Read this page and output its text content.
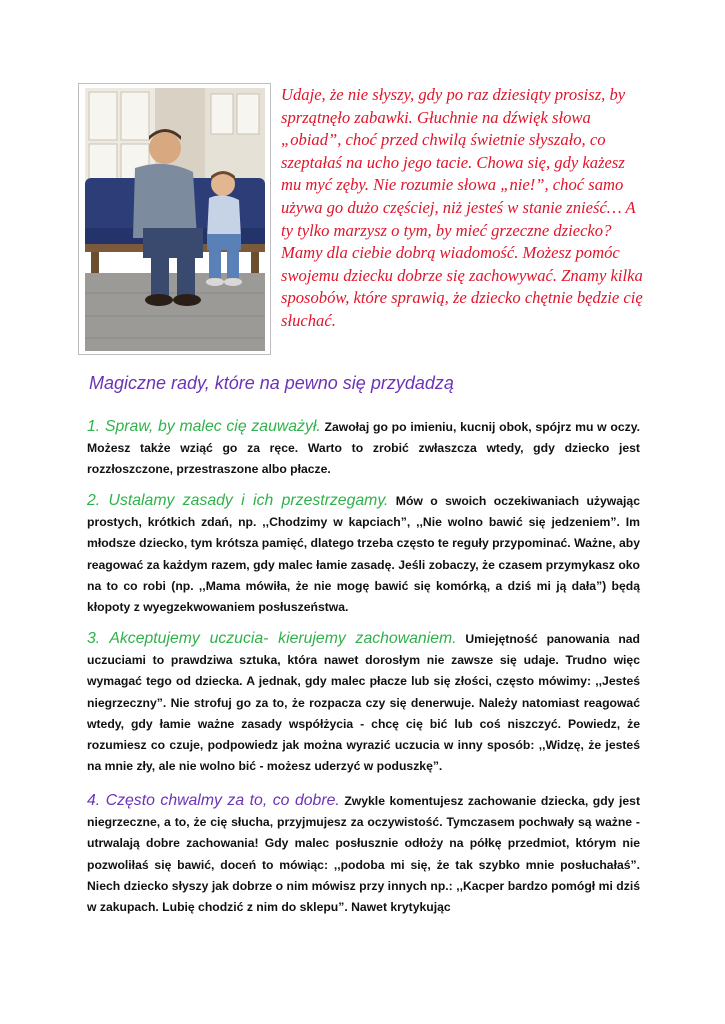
Udaje, że nie słyszy, gdy po raz dziesiąty prosisz, by sprzątnęło zabawki. Głuchnie na dźwięk słowa „obiad”, choć przed chwilą świetnie słyszało, co szeptałaś na ucho jego tacie. Chowa się, gdy każesz mu myć zęby. Nie rozumie słowa „nie!”, choć samo używa go dużo częściej, niż jesteś w stanie znieść… A ty tylko marzysz o tym, by mieć grzeczne dziecko? Mamy dla ciebie dobrą wiadomość. Możesz pomóc swojemu dziecku dobrze się zachowywać. Znamy kilka sposobów, które sprawią, że dziecko chętnie będzie cię słuchać.
Magiczne rady, które na pewno się przydadzą
1. Spraw, by malec cię zauważył. Zawołaj go po imieniu, kucnij obok, spójrz mu w oczy. Możesz także wziąć go za ręce. Warto to zrobić zwłaszcza wtedy, gdy dziecko jest rozzłoszczone, przestraszone albo płacze.
2. Ustalamy zasady i ich przestrzegamy. Mów o swoich oczekiwaniach używając prostych, krótkich zdań, np. ,,Chodzimy w kapciach”, ,,Nie wolno bawić się jedzeniem”. Im młodsze dziecko, tym krótsza pamięć, dlatego trzeba często te reguły przypominać. Ważne, aby reagować za każdym razem, gdy malec łamie zasadę. Jeśli zobaczy, że czasem przymykasz oko na to co robi (np. ,,Mama mówiła, że nie mogę bawić się komórką, a dziś mi ją dała”) będą kłopoty z wyegzekwowaniem posłuszeństwa.
3. Akceptujemy uczucia- kierujemy zachowaniem. Umiejętność panowania nad uczuciami to prawdziwa sztuka, która nawet dorosłym nie zawsze się udaje. Trudno więc wymagać tego od dziecka. A jednak, gdy malec płacze lub się złości, często mówimy: ,,Jesteś niegrzeczny”. Nie strofuj go za to, że rozpacza czy się denerwuje. Należy natomiast reagować wtedy, gdy łamie ważne zasady współżycia - chcę cię bić lub coś niszczyć. Powiedz, że rozumiesz co czuje, podpowiedz jak można wyrazić uczucia w inny sposób: ,,Widzę, że jesteś na mnie zły, ale nie wolno bić - możesz uderzyć w poduszkę”.
4. Często chwalmy za to, co dobre. Zwykle komentujesz zachowanie dziecka, gdy jest niegrzeczne, a to, że cię słucha, przyjmujesz za oczywistość. Tymczasem pochwały są ważne - utrwalają dobre zachowania! Gdy malec posłusznie odłoży na półkę przedmiot, którym nie pozwoliłaś się bawić, doceń to mówiąc: ,,podoba mi się, że tak szybko mnie posłuchałaś”. Niech dziecko słyszy jak dobrze o nim mówisz przy innych np.: ,,Kacper bardzo pomógł mi dziś w zakupach. Lubię chodzić z nim do sklepu”. Nawet krytykując
